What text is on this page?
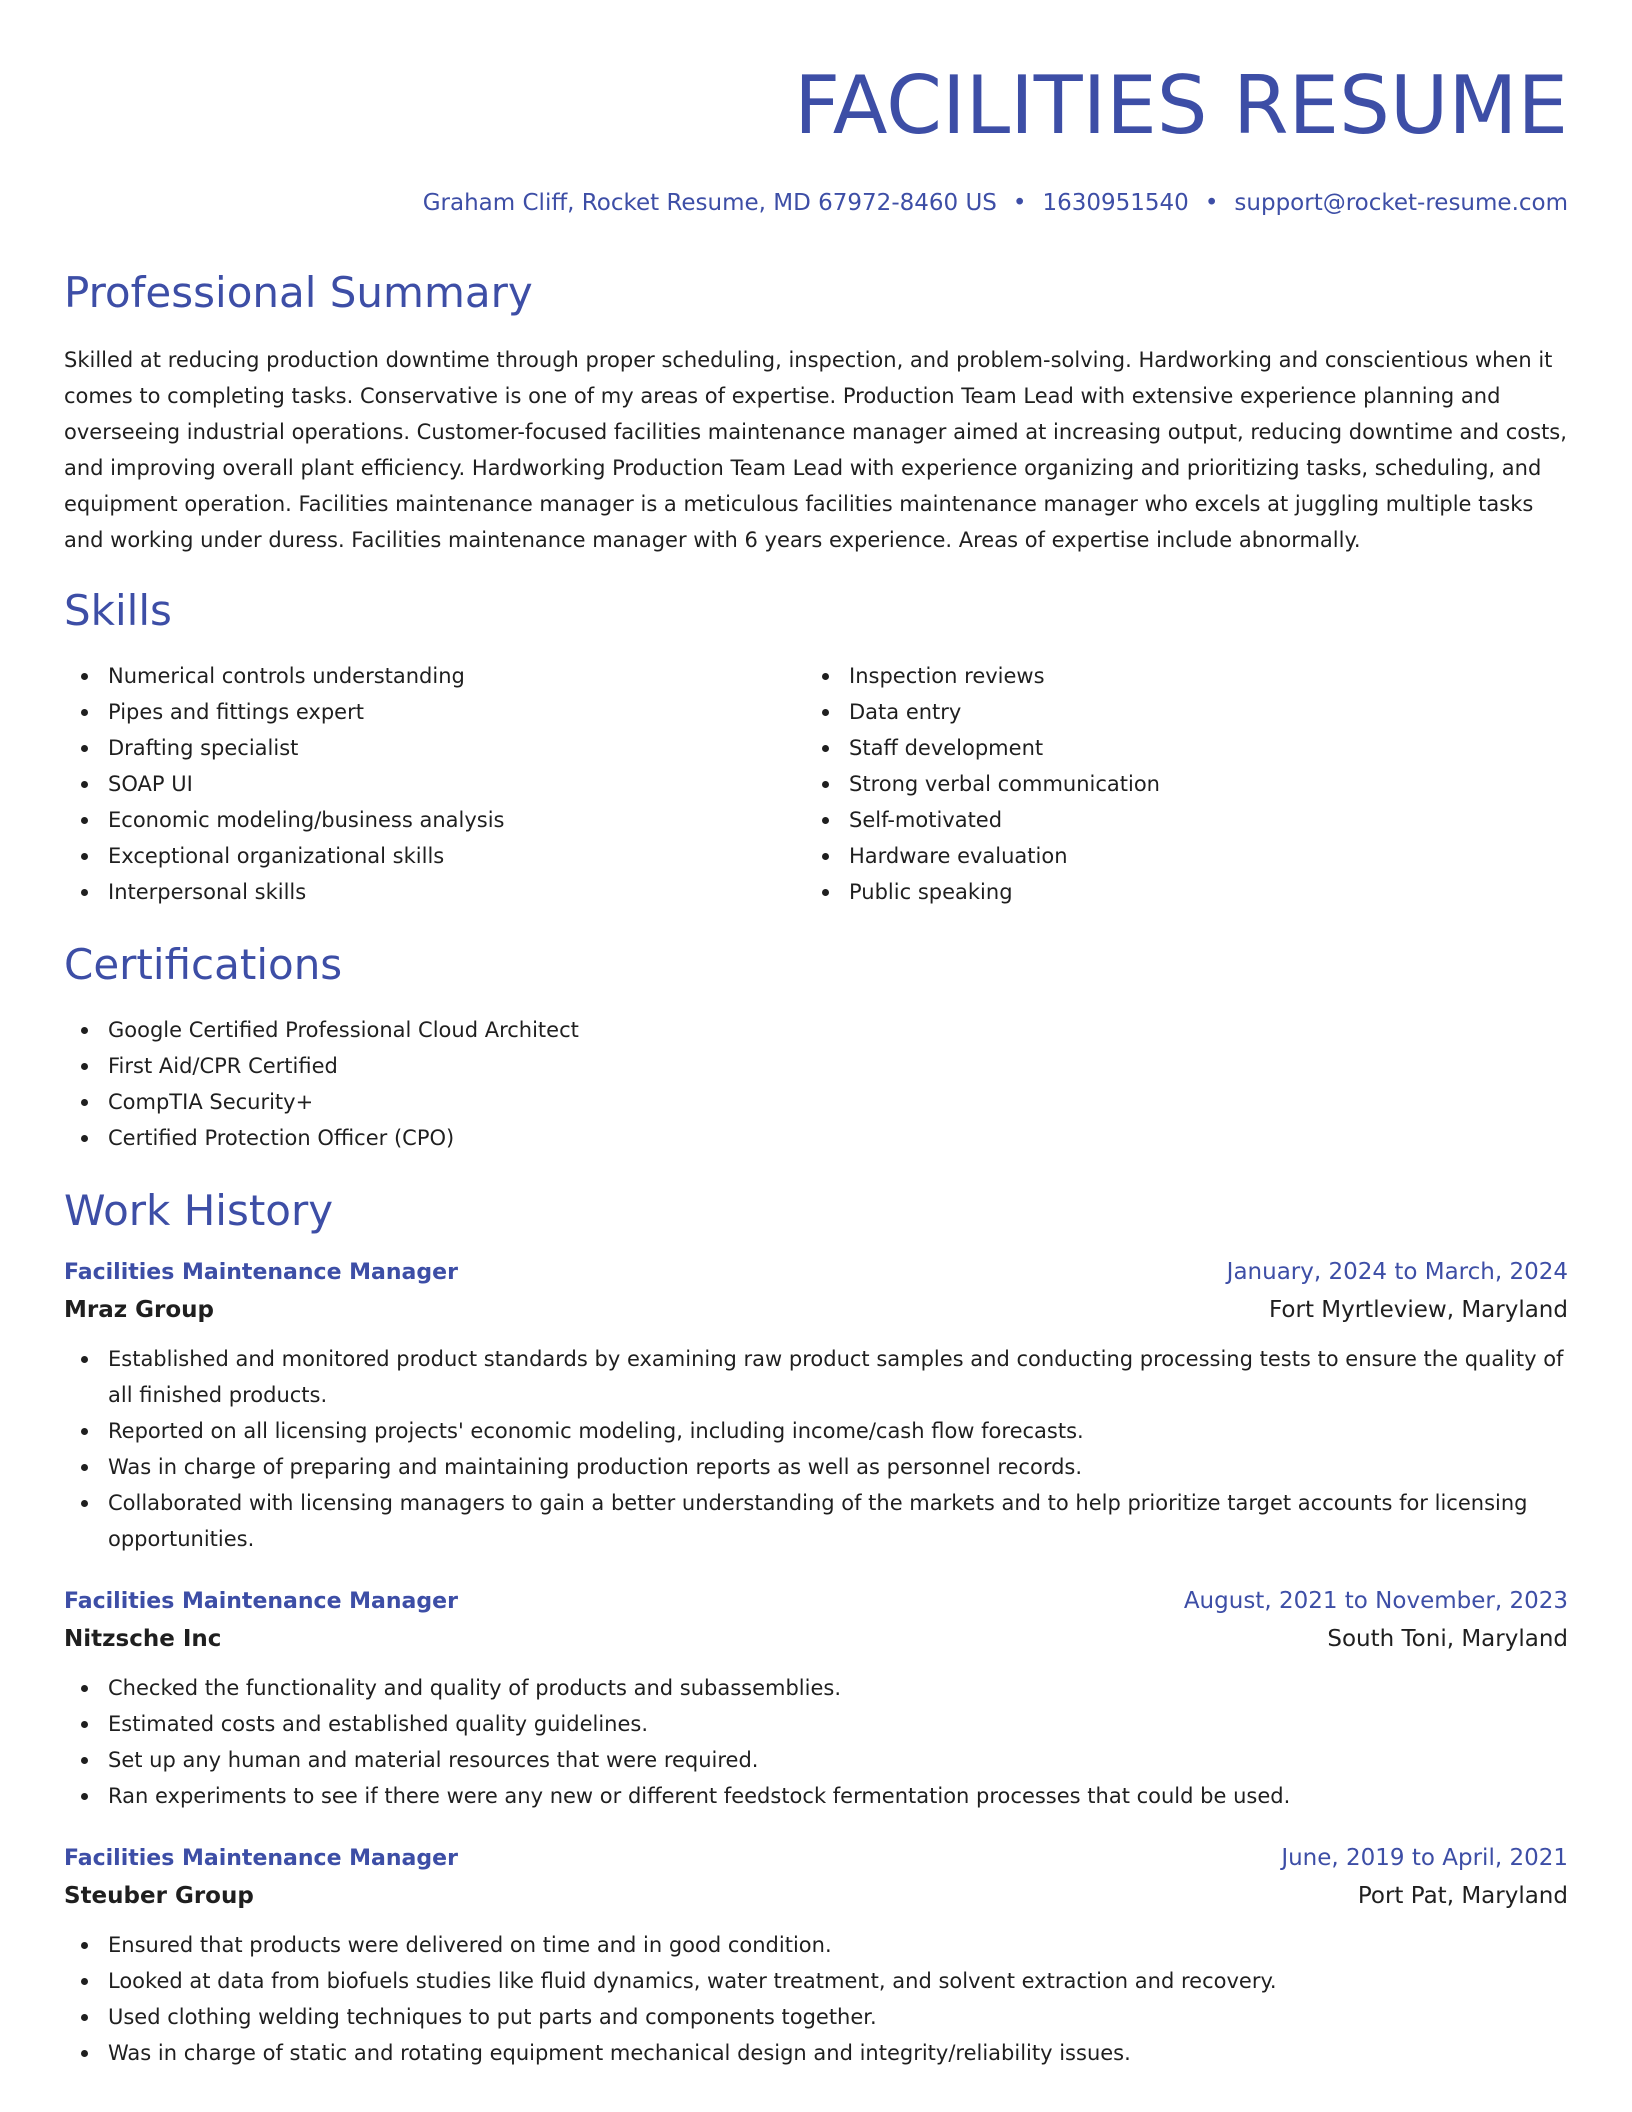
FACILITIES RESUME
Graham Cliff, Rocket Resume, MD 67972-8460 US • 1630951540 • support@rocket-resume.com
Professional Summary

Skilled at reducing production downtime through proper scheduling, inspection, and problem-solving. Hardworking and conscientious when it comes to completing tasks. Conservative is one of my areas of expertise. Production Team Lead with extensive experience planning and overseeing industrial operations. Customer-focused facilities maintenance manager aimed at increasing output, reducing downtime and costs, and improving overall plant efficiency. Hardworking Production Team Lead with experience organizing and prioritizing tasks, scheduling, and equipment operation. Facilities maintenance manager is a meticulous facilities maintenance manager who excels at juggling multiple tasks and working under duress. Facilities maintenance manager with 6 years experience. Areas of expertise include abnormally.

Skills
Numerical controls understanding
Pipes and fittings expert
Drafting specialist
SOAP UI
Economic modeling/business analysis
Exceptional organizational skills
Interpersonal skills
Inspection reviews
Data entry
Staff development
Strong verbal communication
Self-motivated
Hardware evaluation
Public speaking
Certifications
Google Certified Professional Cloud Architect
First Aid/CPR Certified
CompTIA Security+
Certified Protection Officer (CPO)
Work History
Facilities Maintenance Manager	January, 2024 to March, 2024
Mraz Group	Fort Myrtleview, Maryland
Established and monitored product standards by examining raw product samples and conducting processing tests to ensure the quality of all finished products.
Reported on all licensing projects' economic modeling, including income/cash flow forecasts.
Was in charge of preparing and maintaining production reports as well as personnel records.
Collaborated with licensing managers to gain a better understanding of the markets and to help prioritize target accounts for licensing opportunities.
Facilities Maintenance Manager	August, 2021 to November, 2023
Nitzsche Inc	South Toni, Maryland
Checked the functionality and quality of products and subassemblies.
Estimated costs and established quality guidelines.
Set up any human and material resources that were required.
Ran experiments to see if there were any new or different feedstock fermentation processes that could be used.
Facilities Maintenance Manager	June, 2019 to April, 2021
Steuber Group	Port Pat, Maryland
Ensured that products were delivered on time and in good condition.
Looked at data from biofuels studies like fluid dynamics, water treatment, and solvent extraction and recovery.
Used clothing welding techniques to put parts and components together.
Was in charge of static and rotating equipment mechanical design and integrity/reliability issues.
